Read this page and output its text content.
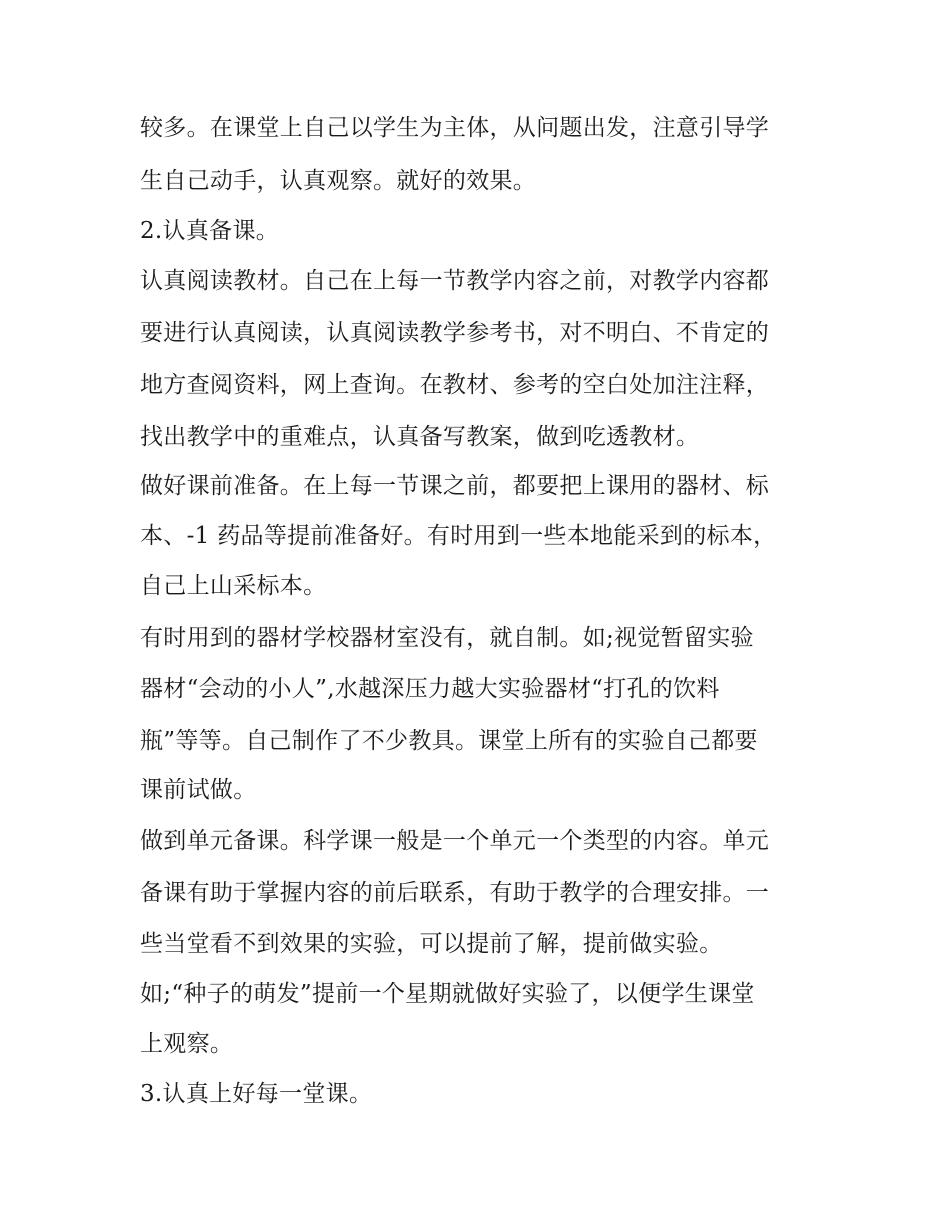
较多。在课堂上自己以学生为主体，从问题出发，注意引导学
生自己动手，认真观察。就好的效果。
2.认真备课。
认真阅读教材。自己在上每一节教学内容之前，对教学内容都
要进行认真阅读，认真阅读教学参考书，对不明白、不肯定的
地方查阅资料，网上查询。在教材、参考的空白处加注注释，
找出教学中的重难点，认真备写教案，做到吃透教材。
做好课前准备。在上每一节课之前，都要把上课用的器材、标
本、-1 药品等提前准备好。有时用到一些本地能采到的标本，
自己上山采标本。
有时用到的器材学校器材室没有，就自制。如;视觉暂留实验
器材“会动的小人”,水越深压力越大实验器材“打孔的饮料
瓶”等等。自己制作了不少教具。课堂上所有的实验自己都要
课前试做。
做到单元备课。科学课一般是一个单元一个类型的内容。单元
备课有助于掌握内容的前后联系，有助于教学的合理安排。一
些当堂看不到效果的实验，可以提前了解，提前做实验。
如;“种子的萌发”提前一个星期就做好实验了，以便学生课堂
上观察。
3.认真上好每一堂课。
